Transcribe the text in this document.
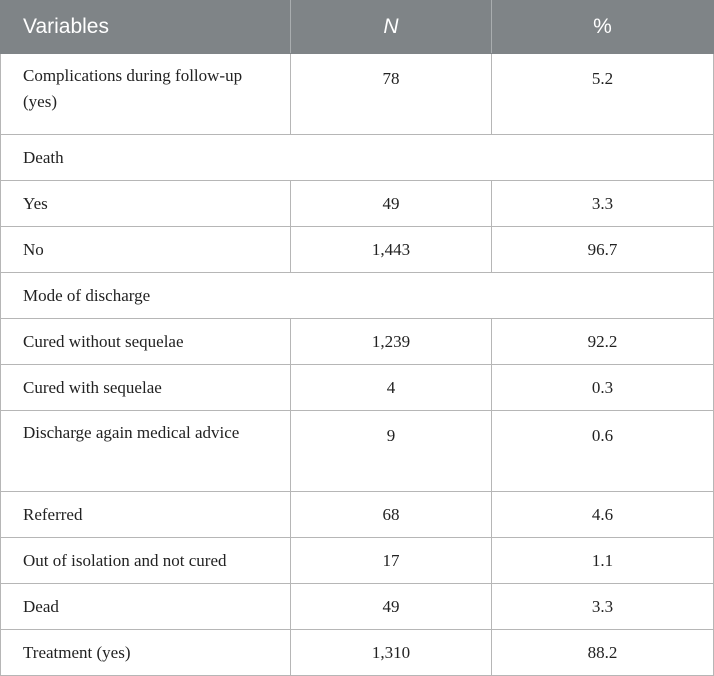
Variables	N	%
Complications during follow-up (yes)	78	5.2
Death		
Yes	49	3.3
No	1,443	96.7
Mode of discharge		
Cured without sequelae	1,239	92.2
Cured with sequelae	4	0.3
Discharge again medical advice	9	0.6
Referred	68	4.6
Out of isolation and not cured	17	1.1
Dead	49	3.3
Treatment (yes)	1,310	88.2
